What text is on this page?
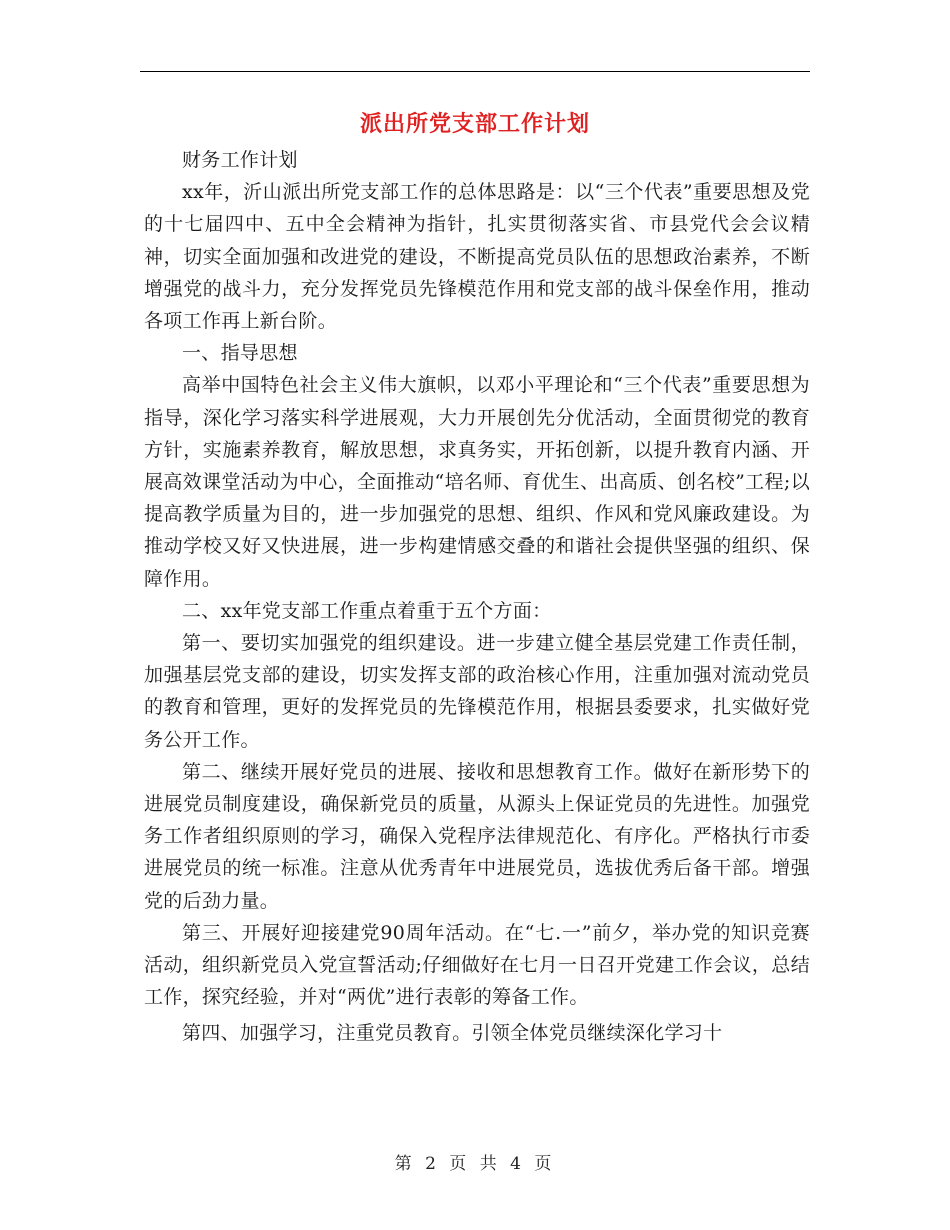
派出所党支部工作计划

财务工作计划

xx年，沂山派出所党支部工作的总体思路是：以“三个代表”重要思想及党的十七届四中、五中全会精神为指针，扎实贯彻落实省、市县党代会会议精神，切实全面加强和改进党的建设，不断提高党员队伍的思想政治素养，不断增强党的战斗力，充分发挥党员先锋模范作用和党支部的战斗保垒作用，推动各项工作再上新台阶。

一、指导思想

高举中国特色社会主义伟大旗帜，以邓小平理论和“三个代表”重要思想为指导，深化学习落实科学进展观，大力开展创先分优活动，全面贯彻党的教育方针，实施素养教育，解放思想，求真务实，开拓创新，以提升教育内涵、开展高效课堂活动为中心，全面推动“培名师、育优生、出高质、创名校”工程;以提高教学质量为目的，进一步加强党的思想、组织、作风和党风廉政建设。为推动学校又好又快进展，进一步构建情感交叠的和谐社会提供坚强的组织、保障作用。

二、xx年党支部工作重点着重于五个方面：

第一、要切实加强党的组织建设。进一步建立健全基层党建工作责任制，加强基层党支部的建设，切实发挥支部的政治核心作用，注重加强对流动党员的教育和管理，更好的发挥党员的先锋模范作用，根据县委要求，扎实做好党务公开工作。

第二、继续开展好党员的进展、接收和思想教育工作。做好在新形势下的进展党员制度建设，确保新党员的质量，从源头上保证党员的先进性。加强党务工作者组织原则的学习，确保入党程序法律规范化、有序化。严格执行市委进展党员的统一标准。注意从优秀青年中进展党员，选拔优秀后备干部。增强党的后劲力量。

第三、开展好迎接建党90周年活动。在“七.一”前夕，举办党的知识竞赛活动，组织新党员入党宣誓活动;仔细做好在七月一日召开党建工作会议，总结工作，探究经验，并对“两优”进行表彰的筹备工作。

第四、加强学习，注重党员教育。引领全体党员继续深化学习十

第 2 页 共 4 页
